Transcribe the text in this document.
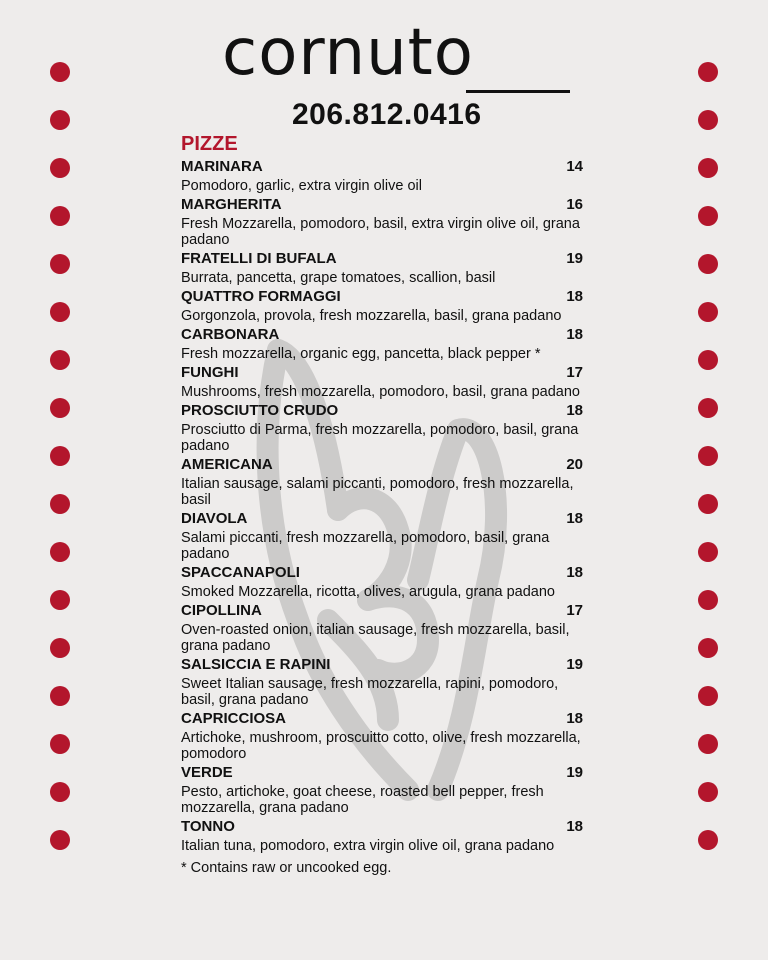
cornuto
206.812.0416
PIZZE
MARINARA	14
Pomodoro, garlic, extra virgin olive oil
MARGHERITA	16
Fresh Mozzarella, pomodoro, basil, extra virgin olive oil, grana padano
FRATELLI DI BUFALA	19
Burrata, pancetta, grape tomatoes, scallion, basil
QUATTRO FORMAGGI	18
Gorgonzola, provola, fresh mozzarella, basil, grana padano
CARBONARA	18
Fresh mozzarella, organic egg, pancetta, black pepper *
FUNGHI	17
Mushrooms, fresh mozzarella, pomodoro, basil, grana padano
PROSCIUTTO CRUDO	18
Prosciutto di Parma, fresh mozzarella, pomodoro, basil, grana padano
AMERICANA	20
Italian sausage, salami piccanti, pomodoro, fresh mozzarella, basil
DIAVOLA	18
Salami piccanti, fresh mozzarella, pomodoro, basil, grana padano
SPACCANAPOLI	18
Smoked Mozzarella, ricotta, olives, arugula, grana padano
CIPOLLINA	17
Oven-roasted onion, italian sausage, fresh mozzarella, basil, grana padano
SALSICCIA E RAPINI	19
Sweet Italian sausage, fresh mozzarella, rapini, pomodoro, basil, grana padano
CAPRICCIOSA	18
Artichoke, mushroom, proscuitto cotto, olive, fresh mozzarella, pomodoro
VERDE	19
Pesto, artichoke, goat cheese, roasted bell pepper, fresh mozzarella, grana padano
TONNO	18
Italian tuna, pomodoro, extra virgin olive oil, grana padano
* Contains raw or uncooked egg.
